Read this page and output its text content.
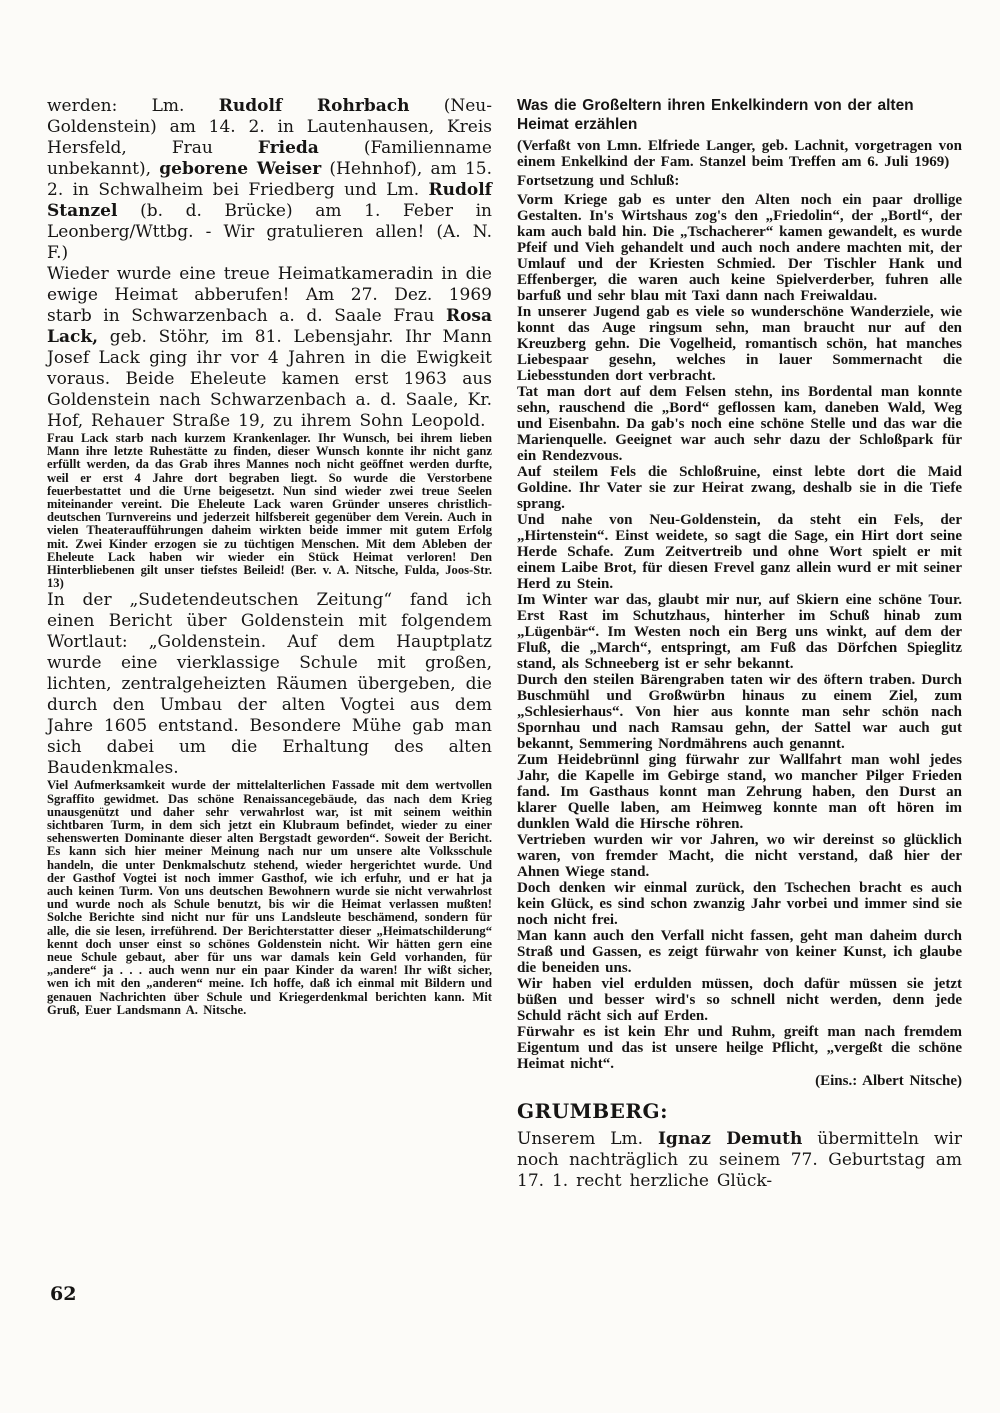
werden: Lm. Rudolf Rohrbach (Neu-Goldenstein) am 14. 2. in Lautenhausen, Kreis Hersfeld, Frau Frieda (Familienname unbekannt), geborene Weiser (Hehnhof), am 15. 2. in Schwalheim bei Friedberg und Lm. Rudolf Stanzel (b. d. Brücke) am 1. Feber in Leonberg/Wttbg. - Wir gratulieren allen! (A. N. F.)

Wieder wurde eine treue Heimatkameradin in die ewige Heimat abberufen! Am 27. Dez. 1969 starb in Schwarzenbach a. d. Saale Frau Rosa Lack, geb. Stöhr, im 81. Lebensjahr. Ihr Mann Josef Lack ging ihr vor 4 Jahren in die Ewigkeit voraus. Beide Eheleute kamen erst 1963 aus Goldenstein nach Schwarzenbach a. d. Saale, Kr. Hof, Rehauer Straße 19, zu ihrem Sohn Leopold.

Frau Lack starb nach kurzem Krankenlager. Ihr Wunsch, bei ihrem lieben Mann ihre letzte Ruhestätte zu finden, dieser Wunsch konnte ihr nicht ganz erfüllt werden, da das Grab ihres Mannes noch nicht geöffnet werden durfte, weil er erst 4 Jahre dort begraben liegt. So wurde die Verstorbene feuerbestattet und die Urne beigesetzt. Nun sind wieder zwei treue Seelen miteinander vereint. Die Eheleute Lack waren Gründer unseres christlich-deutschen Turnvereins und jederzeit hilfsbereit gegenüber dem Verein. Auch in vielen Theateraufführungen daheim wirkten beide immer mit gutem Erfolg mit. Zwei Kinder erzogen sie zu tüchtigen Menschen. Mit dem Ableben der Eheleute Lack haben wir wieder ein Stück Heimat verloren! Den Hinterbliebenen gilt unser tiefstes Beileid! (Ber. v. A. Nitsche, Fulda, Joos-Str. 13)

In der „Sudetendeutschen Zeitung“ fand ich einen Bericht über Goldenstein mit folgendem Wortlaut: „Goldenstein. Auf dem Hauptplatz wurde eine vierklassige Schule mit großen, lichten, zentralgeheizten Räumen übergeben, die durch den Umbau der alten Vogtei aus dem Jahre 1605 entstand. Besondere Mühe gab man sich dabei um die Erhaltung des alten Baudenkmales.

Viel Aufmerksamkeit wurde der mittelalterlichen Fassade mit dem wertvollen Sgraffito gewidmet. Das schöne Renaissancegebäude, das nach dem Krieg unausgenützt und daher sehr verwahrlost war, ist mit seinem weithin sichtbaren Turm, in dem sich jetzt ein Klubraum befindet, wieder zu einer sehenswerten Dominante dieser alten Bergstadt geworden“. Soweit der Bericht. Es kann sich hier meiner Meinung nach nur um unsere alte Volksschule handeln, die unter Denkmalschutz stehend, wieder hergerichtet wurde. Und der Gasthof Vogtei ist noch immer Gasthof, wie ich erfuhr, und er hat ja auch keinen Turm. Von uns deutschen Bewohnern wurde sie nicht verwahrlost und wurde noch als Schule benutzt, bis wir die Heimat verlassen mußten! Solche Berichte sind nicht nur für uns Landsleute beschämend, sondern für alle, die sie lesen, irreführend. Der Berichterstatter dieser „Heimatschilderung“ kennt doch unser einst so schönes Goldenstein nicht. Wir hätten gern eine neue Schule gebaut, aber für uns war damals kein Geld vorhanden, für „andere“ ja . . . auch wenn nur ein paar Kinder da waren! Ihr wißt sicher, wen ich mit den „anderen“ meine. Ich hoffe, daß ich einmal mit Bildern und genauen Nachrichten über Schule und Kriegerdenkmal berichten kann. Mit Gruß, Euer Landsmann A. Nitsche.

Was die Großeltern ihren Enkelkindern von der alten Heimat erzählen

(Verfaßt von Lmn. Elfriede Langer, geb. Lachnit, vorgetragen von einem Enkelkind der Fam. Stanzel beim Treffen am 6. Juli 1969)

Fortsetzung und Schluß:

Vorm Kriege gab es unter den Alten noch ein paar drollige Gestalten. In's Wirtshaus zog's den „Friedolin“, der „Bortl“, der kam auch bald hin. Die „Tschacherer“ kamen gewandelt, es wurde Pfeif und Vieh gehandelt und auch noch andere machten mit, der Umlauf und der Kriesten Schmied. Der Tischler Hank und Effenberger, die waren auch keine Spielverderber, fuhren alle barfuß und sehr blau mit Taxi dann nach Freiwaldau.

In unserer Jugend gab es viele so wunderschöne Wanderziele, wie konnt das Auge ringsum sehn, man braucht nur auf den Kreuzberg gehn. Die Vogelheid, romantisch schön, hat manches Liebespaar gesehn, welches in lauer Sommernacht die Liebesstunden dort verbracht.

Tat man dort auf dem Felsen stehn, ins Bordental man konnte sehn, rauschend die „Bord“ geflossen kam, daneben Wald, Weg und Eisenbahn. Da gab's noch eine schöne Stelle und das war die Marienquelle. Geeignet war auch sehr dazu der Schloßpark für ein Rendezvous.

Auf steilem Fels die Schloßruine, einst lebte dort die Maid Goldine. Ihr Vater sie zur Heirat zwang, deshalb sie in die Tiefe sprang.

Und nahe von Neu-Goldenstein, da steht ein Fels, der „Hirtenstein“. Einst weidete, so sagt die Sage, ein Hirt dort seine Herde Schafe. Zum Zeitvertreib und ohne Wort spielt er mit einem Laibe Brot, für diesen Frevel ganz allein wurd er mit seiner Herd zu Stein.

Im Winter war das, glaubt mir nur, auf Skiern eine schöne Tour. Erst Rast im Schutzhaus, hinterher im Schuß hinab zum „Lügenbär“. Im Westen noch ein Berg uns winkt, auf dem der Fluß, die „March“, entspringt, am Fuß das Dörfchen Spieglitz stand, als Schneeberg ist er sehr bekannt.

Durch den steilen Bärengraben taten wir des öftern traben. Durch Buschmühl und Großwürbn hinaus zu einem Ziel, zum „Schlesierhaus“. Von hier aus konnte man sehr schön nach Spornhau und nach Ramsau gehn, der Sattel war auch gut bekannt, Semmering Nordmährens auch genannt.

Zum Heidebrünnl ging fürwahr zur Wallfahrt man wohl jedes Jahr, die Kapelle im Gebirge stand, wo mancher Pilger Frieden fand. Im Gasthaus konnt man Zehrung haben, den Durst an klarer Quelle laben, am Heimweg konnte man oft hören im dunklen Wald die Hirsche röhren.

Vertrieben wurden wir vor Jahren, wo wir dereinst so glücklich waren, von fremder Macht, die nicht verstand, daß hier der Ahnen Wiege stand.

Doch denken wir einmal zurück, den Tschechen bracht es auch kein Glück, es sind schon zwanzig Jahr vorbei und immer sind sie noch nicht frei.

Man kann auch den Verfall nicht fassen, geht man daheim durch Straß und Gassen, es zeigt fürwahr von keiner Kunst, ich glaube die beneiden uns.

Wir haben viel erdulden müssen, doch dafür müssen sie jetzt büßen und besser wird's so schnell nicht werden, denn jede Schuld rächt sich auf Erden.

Fürwahr es ist kein Ehr und Ruhm, greift man nach fremdem Eigentum und das ist unsere heilge Pflicht, „vergeßt die schöne Heimat nicht“.

(Eins.: Albert Nitsche)

GRUMBERG:

Unserem Lm. Ignaz Demuth übermitteln wir noch nachträglich zu seinem 77. Geburtstag am 17. 1. recht herzliche Glück-

62
